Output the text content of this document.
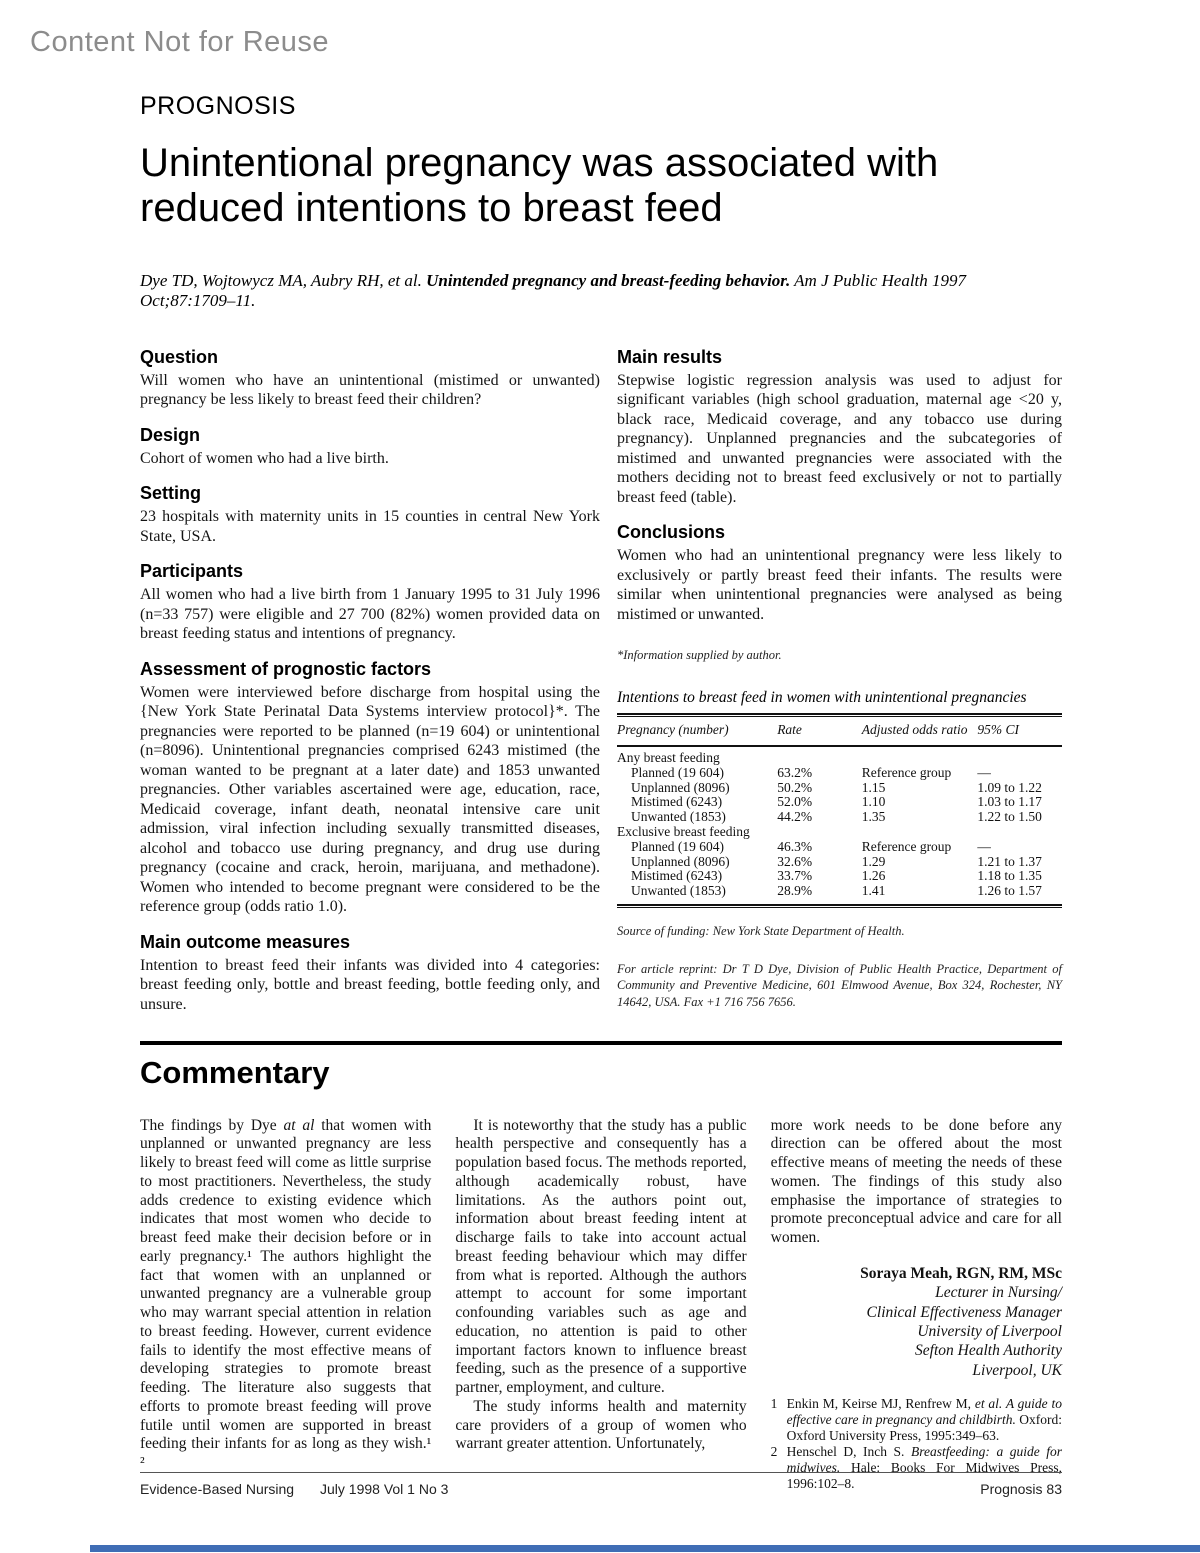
Content Not for Reuse
PROGNOSIS
Unintentional pregnancy was associated with reduced intentions to breast feed

Dye TD, Wojtowycz MA, Aubry RH, et al. Unintended pregnancy and breast-feeding behavior. Am J Public Health 1997 Oct;87:1709–11.

Question

Will women who have an unintentional (mistimed or unwanted) pregnancy be less likely to breast feed their children?

Design

Cohort of women who had a live birth.

Setting

23 hospitals with maternity units in 15 counties in central New York State, USA.

Participants

All women who had a live birth from 1 January 1995 to 31 July 1996 (n=33 757) were eligible and 27 700 (82%) women provided data on breast feeding status and intentions of pregnancy.

Assessment of prognostic factors

Women were interviewed before discharge from hospital using the {New York State Perinatal Data Systems interview protocol}*. The pregnancies were reported to be planned (n=19 604) or unintentional (n=8096). Unintentional pregnancies comprised 6243 mistimed (the woman wanted to be pregnant at a later date) and 1853 unwanted pregnancies. Other variables ascertained were age, education, race, Medicaid coverage, infant death, neonatal intensive care unit admission, viral infection including sexually transmitted diseases, alcohol and tobacco use during pregnancy, and drug use during pregnancy (cocaine and crack, heroin, marijuana, and methadone). Women who intended to become pregnant were considered to be the reference group (odds ratio 1.0).

Main outcome measures

Intention to breast feed their infants was divided into 4 categories: breast feeding only, bottle and breast feeding, bottle feeding only, and unsure.

Main results

Stepwise logistic regression analysis was used to adjust for significant variables (high school graduation, maternal age <20 y, black race, Medicaid coverage, and any tobacco use during pregnancy). Unplanned pregnancies and the subcategories of mistimed and unwanted pregnancies were associated with the mothers deciding not to breast feed exclusively or not to partially breast feed (table).

Conclusions

Women who had an unintentional pregnancy were less likely to exclusively or partly breast feed their infants. The results were similar when unintentional pregnancies were analysed as being mistimed or unwanted.

*Information supplied by author.

Intentions to breast feed in women with unintentional pregnancies
Pregnancy (number)	Rate	Adjusted odds ratio	95% CI
Any breast feeding			
Planned (19 604)	63.2%	Reference group	—
Unplanned (8096)	50.2%	1.15	1.09 to 1.22
Mistimed (6243)	52.0%	1.10	1.03 to 1.17
Unwanted (1853)	44.2%	1.35	1.22 to 1.50
Exclusive breast feeding			
Planned (19 604)	46.3%	Reference group	—
Unplanned (8096)	32.6%	1.29	1.21 to 1.37
Mistimed (6243)	33.7%	1.26	1.18 to 1.35
Unwanted (1853)	28.9%	1.41	1.26 to 1.57

Source of funding: New York State Department of Health.

For article reprint: Dr T D Dye, Division of Public Health Practice, Department of Community and Preventive Medicine, 601 Elmwood Avenue, Box 324, Rochester, NY 14642, USA. Fax +1 716 756 7656.

Commentary

The findings by Dye at al that women with unplanned or unwanted pregnancy are less likely to breast feed will come as little surprise to most practitioners. Nevertheless, the study adds credence to existing evidence which indicates that most women who decide to breast feed make their decision before or in early pregnancy.¹ The authors highlight the fact that women with an unplanned or unwanted pregnancy are a vulnerable group who may warrant special attention in relation to breast feeding. However, current evidence fails to identify the most effective means of developing strategies to promote breast feeding. The literature also suggests that efforts to promote breast feeding will prove futile until women are supported in breast feeding their infants for as long as they wish.¹ ²

It is noteworthy that the study has a public health perspective and consequently has a population based focus. The methods reported, although academically robust, have limitations. As the authors point out, information about breast feeding intent at discharge fails to take into account actual breast feeding behaviour which may differ from what is reported. Although the authors attempt to account for some important confounding variables such as age and education, no attention is paid to other important factors known to influence breast feeding, such as the presence of a supportive partner, employment, and culture.

The study informs health and maternity care providers of a group of women who warrant greater attention. Unfortunately,

more work needs to be done before any direction can be offered about the most effective means of meeting the needs of these women. The findings of this study also emphasise the importance of strategies to promote preconceptual advice and care for all women.

Soraya Meah, RGN, RM, MSc
Lecturer in Nursing/
Clinical Effectiveness Manager
University of Liverpool
Sefton Health Authority
Liverpool, UK
1 Enkin M, Keirse MJ, Renfrew M, et al. A guide to effective care in pregnancy and childbirth. Oxford: Oxford University Press, 1995:349–63.
2 Henschel D, Inch S. Breastfeeding: a guide for midwives. Hale: Books For Midwives Press, 1996:102–8.
Evidence-Based Nursing	July 1998 Vol 1 No 3	Prognosis 83
